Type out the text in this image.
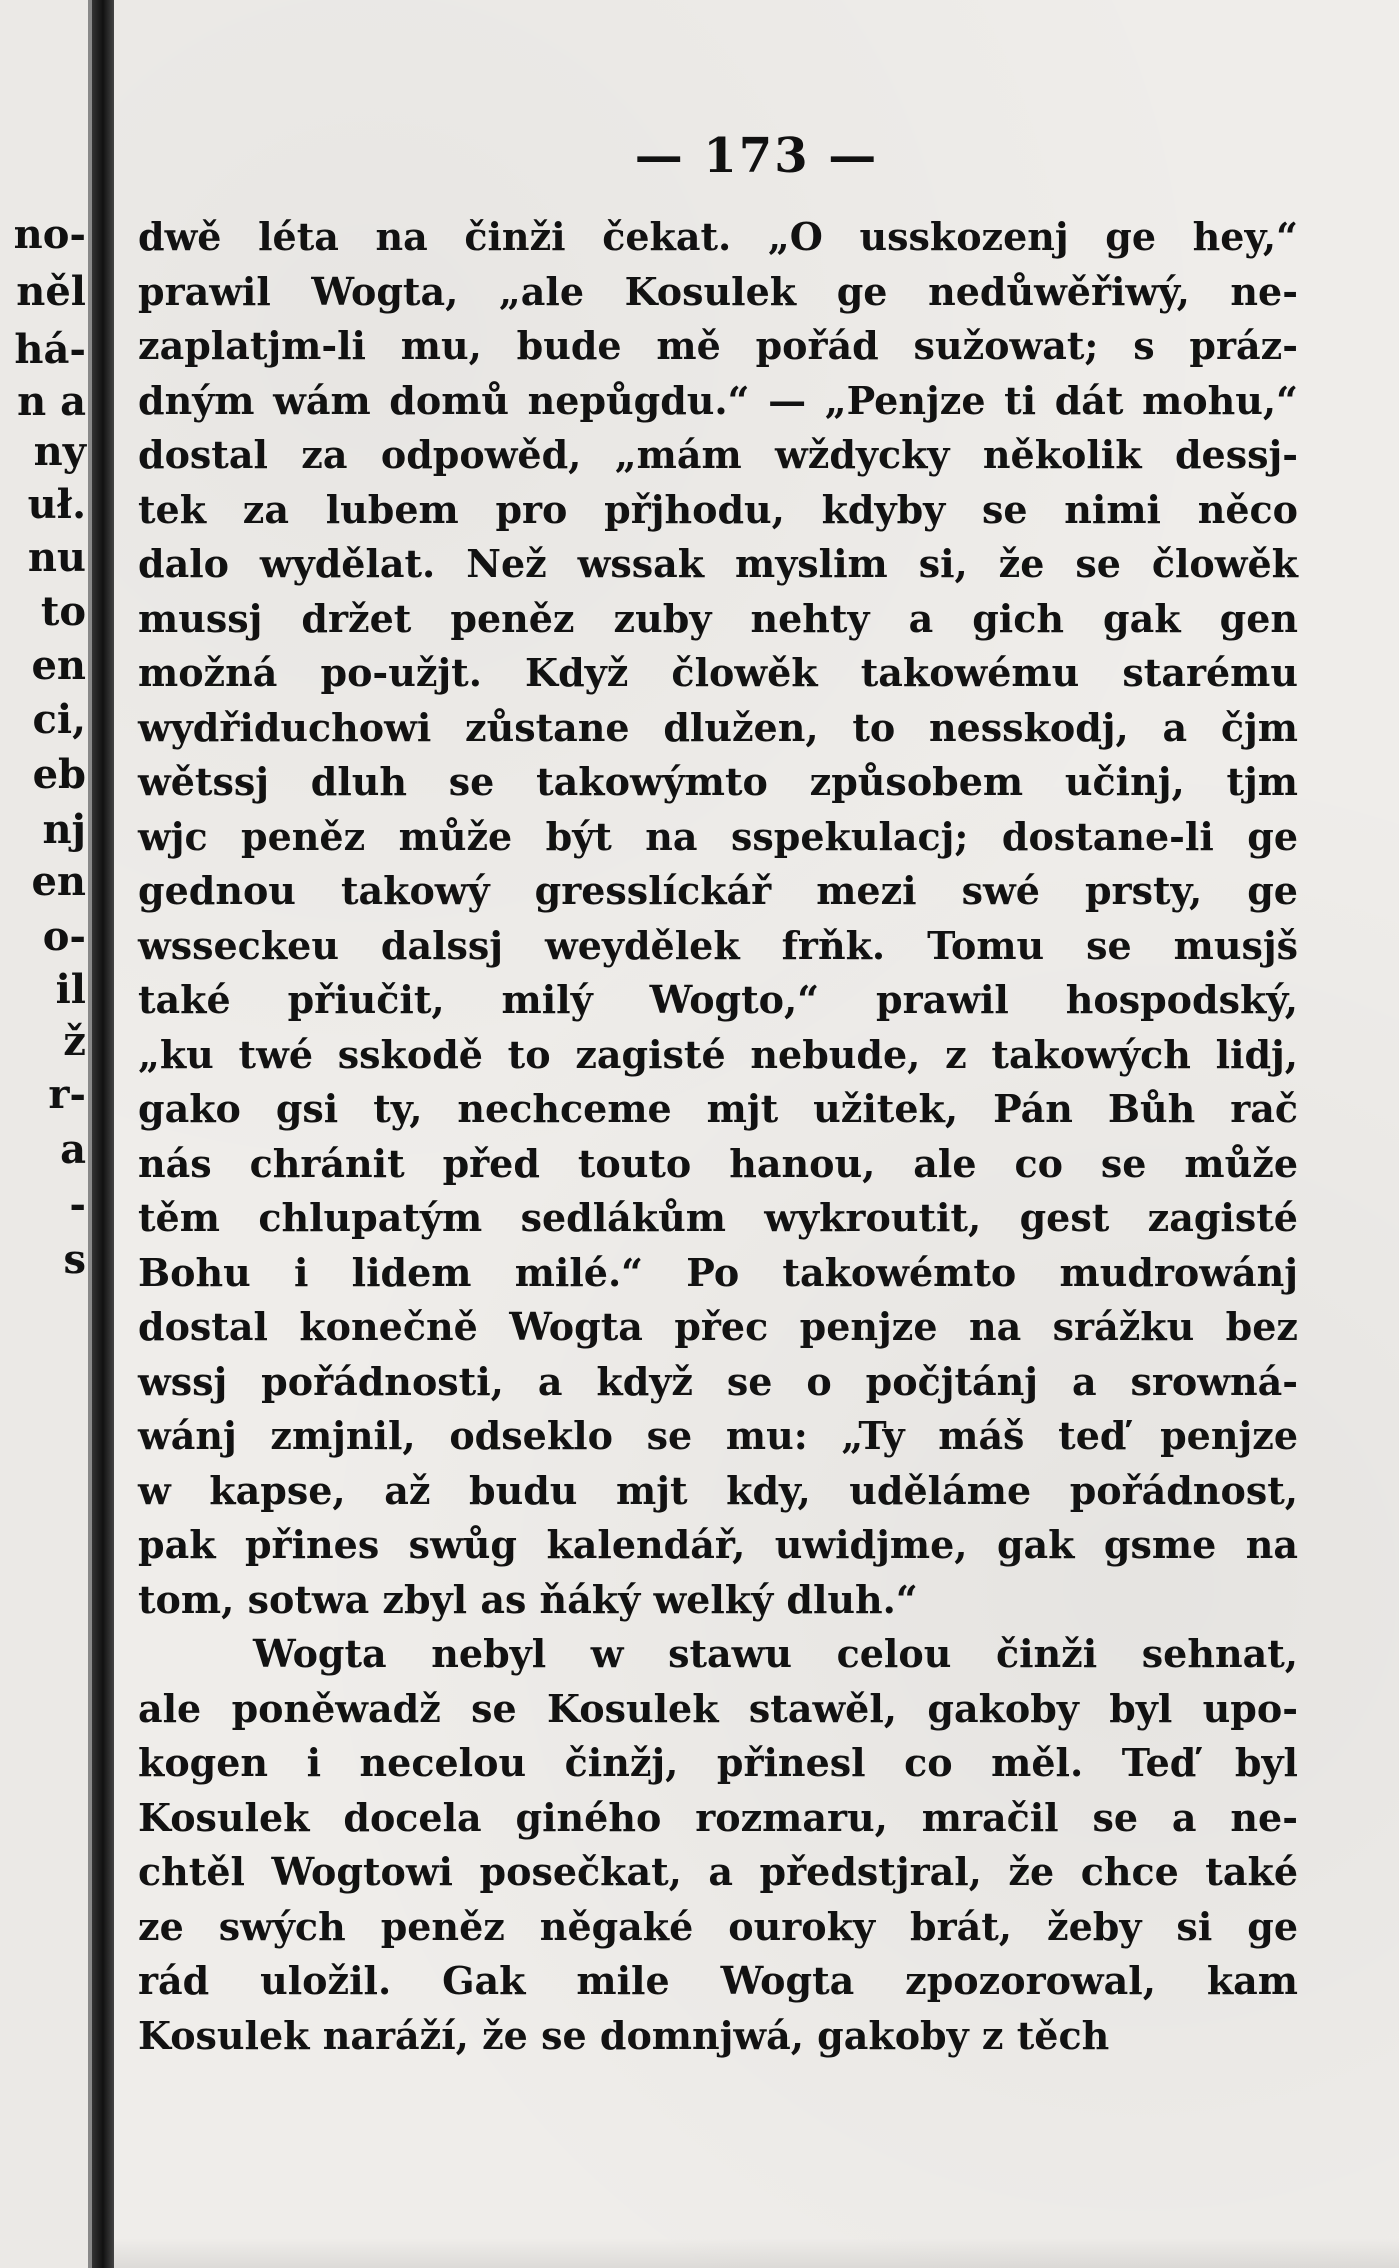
no-
něl
há-
n a
ny
uł.
nu
to
en
ci,
eb
nj
en
o-
il
ž
r-
a
-
s
— 173 —
dwě léta na činži čekat. „O usskozenj ge hey,“
prawil Wogta, „ale Kosulek ge nedůwěřiwý, ne-
zaplatjm-li mu, bude mě pořád sužowat; s práz-
dným wám domů nepůgdu.“ — „Penjze ti dát mohu,“
dostal za odpowěd, „mám wždycky několik dessj-
tek za lubem pro přjhodu, kdyby se nimi něco
dalo wydělat. Než wssak myslim si, že se člowěk
mussj držet peněz zuby nehty a gich gak gen
možná po-užjt. Když člowěk takowému starému
wydřiduchowi zůstane dlužen, to nesskodj, a čjm
wětssj dluh se takowýmto způsobem učinj, tjm
wjc peněz může být na sspekulacj; dostane-li ge
gednou takowý gresslíckář mezi swé prsty, ge
wsseckeu dalssj weydělek frňk. Tomu se musjš
také přiučit, milý Wogto,“ prawil hospodský,
„ku twé sskodě to zagisté nebude, z takowých lidj,
gako gsi ty, nechceme mjt užitek, Pán Bůh rač
nás chránit před touto hanou, ale co se může
těm chlupatým sedlákům wykroutit, gest zagisté
Bohu i lidem milé.“ Po takowémto mudrowánj
dostal konečně Wogta přec penjze na srážku bez
wssj pořádnosti, a když se o počjtánj a srowná-
wánj zmjnil, odseklo se mu: „Ty máš teď penjze
w kapse, až budu mjt kdy, uděláme pořádnost,
pak přines swůg kalendář, uwidjme, gak gsme na
tom, sotwa zbyl as ňáký welký dluh.“
Wogta nebyl w stawu celou činži sehnat,
ale poněwadž se Kosulek stawěl, gakoby byl upo-
kogen i necelou činžj, přinesl co měl. Teď byl
Kosulek docela giného rozmaru, mračil se a ne-
chtěl Wogtowi posečkat, a předstjral, že chce také
ze swých peněz něgaké ouroky brát, žeby si ge
rád uložil. Gak mile Wogta zpozorowal, kam
Kosulek naráží, že se domnjwá, gakoby z těch
